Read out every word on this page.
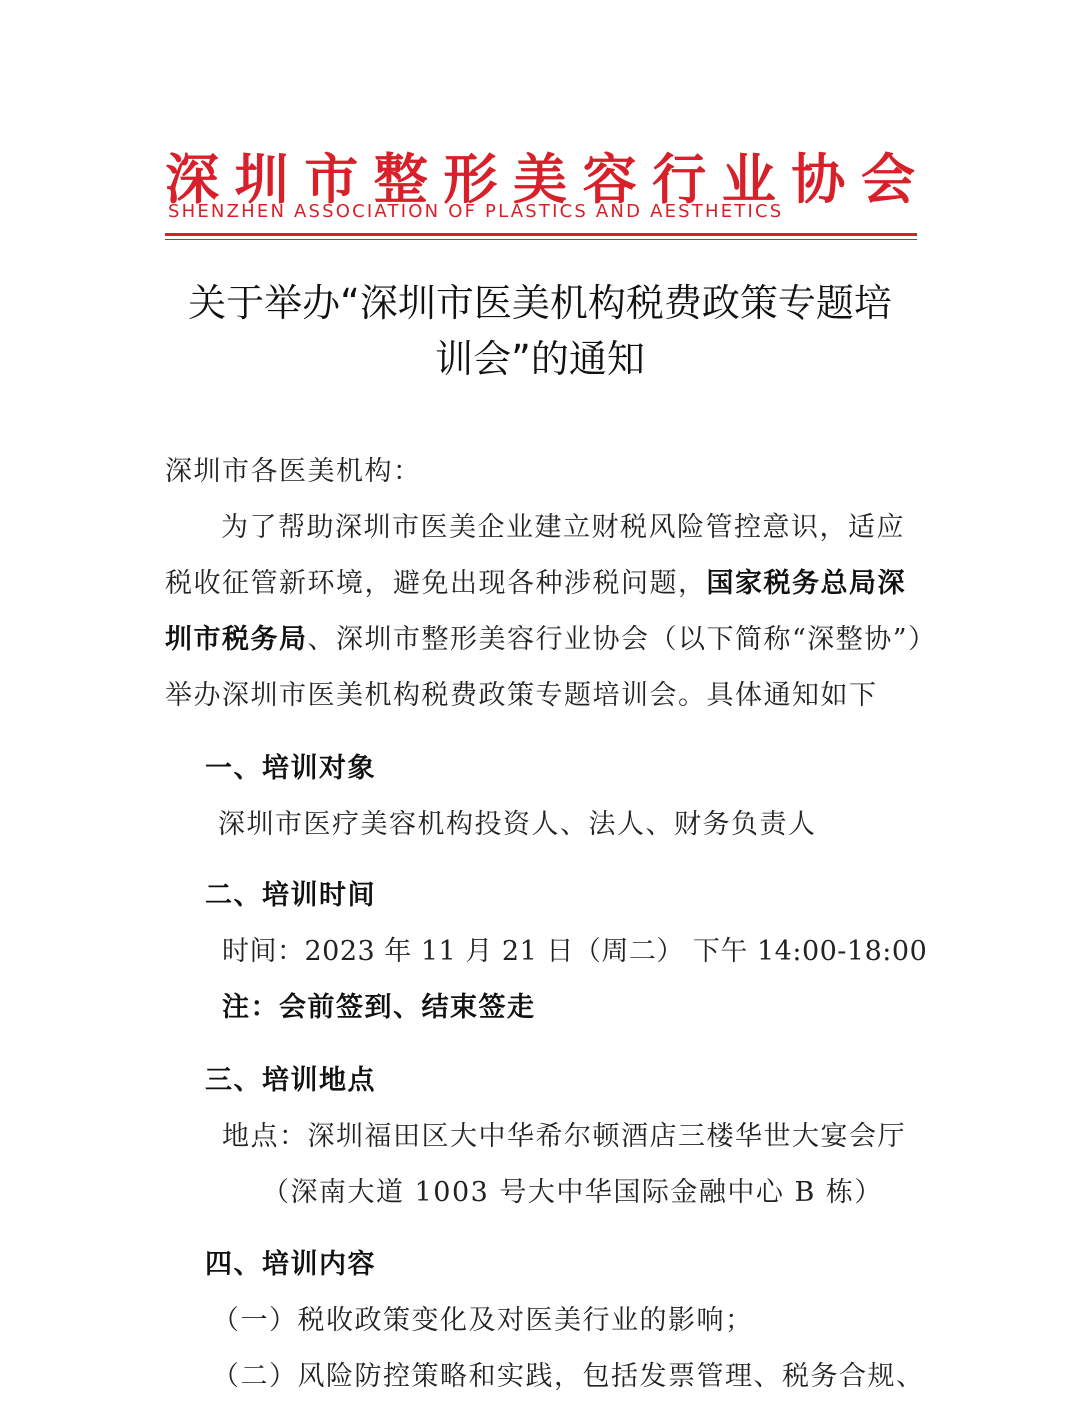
深 圳 市 整 形 美 容 行 业 协 会
SHENZHEN ASSOCIATION OF PLASTICS AND AESTHETICS
关于举办“深圳市医美机构税费政策专题培
训会”的通知
深圳市各医美机构：
为了帮助深圳市医美企业建立财税风险管控意识，适应
税收征管新环境，避免出现各种涉税问题，国家税务总局深
圳市税务局、深圳市整形美容行业协会（以下简称“深整协”）
举办深圳市医美机构税费政策专题培训会。具体通知如下
一、培训对象
深圳市医疗美容机构投资人、法人、财务负责人
二、培训时间
时间：2023 年 11 月 21 日（周二） 下午 14:00-18:00
注：会前签到、结束签走
三、培训地点
地点：深圳福田区大中华希尔顿酒店三楼华世大宴会厅
（深南大道 1003 号大中华国际金融中心 B 栋）
四、培训内容
（一）税收政策变化及对医美行业的影响；
（二）风险防控策略和实践，包括发票管理、税务合规、
